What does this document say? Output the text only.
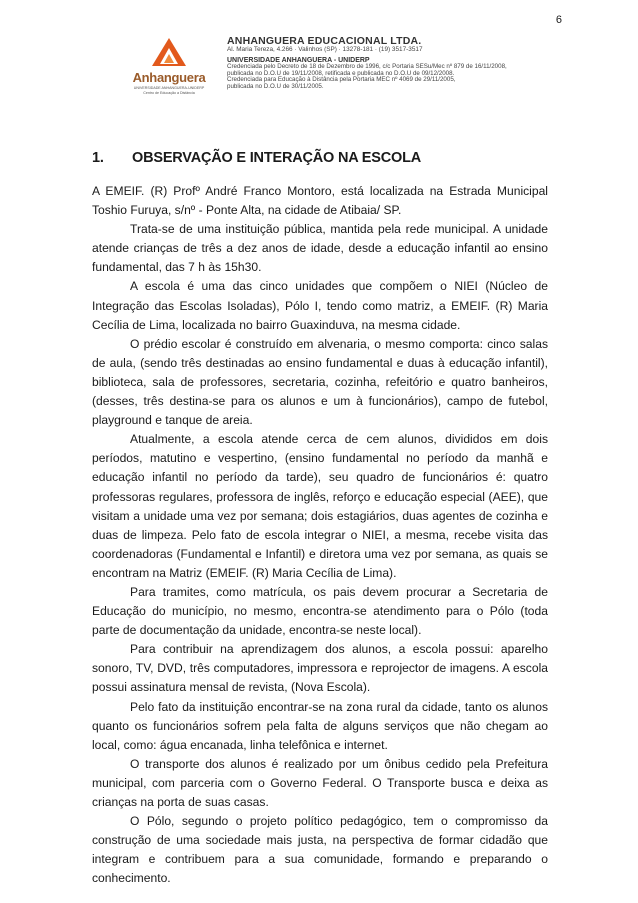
6
Anhanguera
UNIVERSIDADE ANHANGUERA-UNIDERP
Centro de Educação a Distância
ANHANGUERA EDUCACIONAL LTDA.
Al. Maria Tereza, 4.266 · Valinhos (SP) · 13278-181 · (19) 3517-3517
UNIVERSIDADE ANHANGUERA - UNIDERP
Credenciada pelo Decreto de 18 de Dezembro de 1996, c/c Portaria SESu/Mec nº 879 de 16/11/2008,
publicada no D.O.U de 19/11/2008, retificada e publicada no D.O.U de 09/12/2008.
Credenciada para Educação à Distância pela Portaria MEC nº 4069 de 29/11/2005,
publicada no D.O.U de 30/11/2005.
1.	OBSERVAÇÃO E INTERAÇÃO NA ESCOLA

A EMEIF. (R) Profº André Franco Montoro, está localizada na Estrada Municipal Toshio Furuya, s/nº - Ponte Alta, na cidade de Atibaia/ SP.

Trata-se de uma instituição pública, mantida pela rede municipal. A unidade atende crianças de três a dez anos de idade, desde a educação infantil ao ensino fundamental, das 7 h às 15h30.

A escola é uma das cinco unidades que compõem o NIEI (Núcleo de Integração das Escolas Isoladas), Pólo I, tendo como matriz, a EMEIF. (R) Maria Cecília de Lima, localizada no bairro Guaxinduva, na mesma cidade.

O prédio escolar é construído em alvenaria, o mesmo comporta: cinco salas de aula, (sendo três destinadas ao ensino fundamental e duas à educação infantil), biblioteca, sala de professores, secretaria, cozinha, refeitório e quatro banheiros, (desses, três destina-se para os alunos e um à funcionários), campo de futebol, playground e tanque de areia.

Atualmente, a escola atende cerca de cem alunos, divididos em dois períodos, matutino e vespertino, (ensino fundamental no período da manhã e educação infantil no período da tarde), seu quadro de funcionários é: quatro professoras regulares, professora de inglês, reforço e educação especial (AEE), que visitam a unidade uma vez por semana; dois estagiários, duas agentes de cozinha e duas de limpeza. Pelo fato de escola integrar o NIEI, a mesma, recebe visita das coordenadoras (Fundamental e Infantil) e diretora uma vez por semana, as quais se encontram na Matriz (EMEIF. (R) Maria Cecília de Lima).

Para tramites, como matrícula, os pais devem procurar a Secretaria de Educação do município, no mesmo, encontra-se atendimento para o Pólo (toda parte de documentação da unidade, encontra-se neste local).

Para contribuir na aprendizagem dos alunos, a escola possui: aparelho sonoro, TV, DVD, três computadores, impressora e reprojector de imagens. A escola possui assinatura mensal de revista, (Nova Escola).

Pelo fato da instituição encontrar-se na zona rural da cidade, tanto os alunos quanto os funcionários sofrem pela falta de alguns serviços que não chegam ao local, como: água encanada, linha telefônica e internet.

O transporte dos alunos é realizado por um ônibus cedido pela Prefeitura municipal, com parceria com o Governo Federal. O Transporte busca e deixa as crianças na porta de suas casas.

O Pólo, segundo o projeto político pedagógico, tem o compromisso da construção de uma sociedade mais justa, na perspectiva de formar cidadão que integram e contribuem para a sua comunidade, formando e preparando o conhecimento.
